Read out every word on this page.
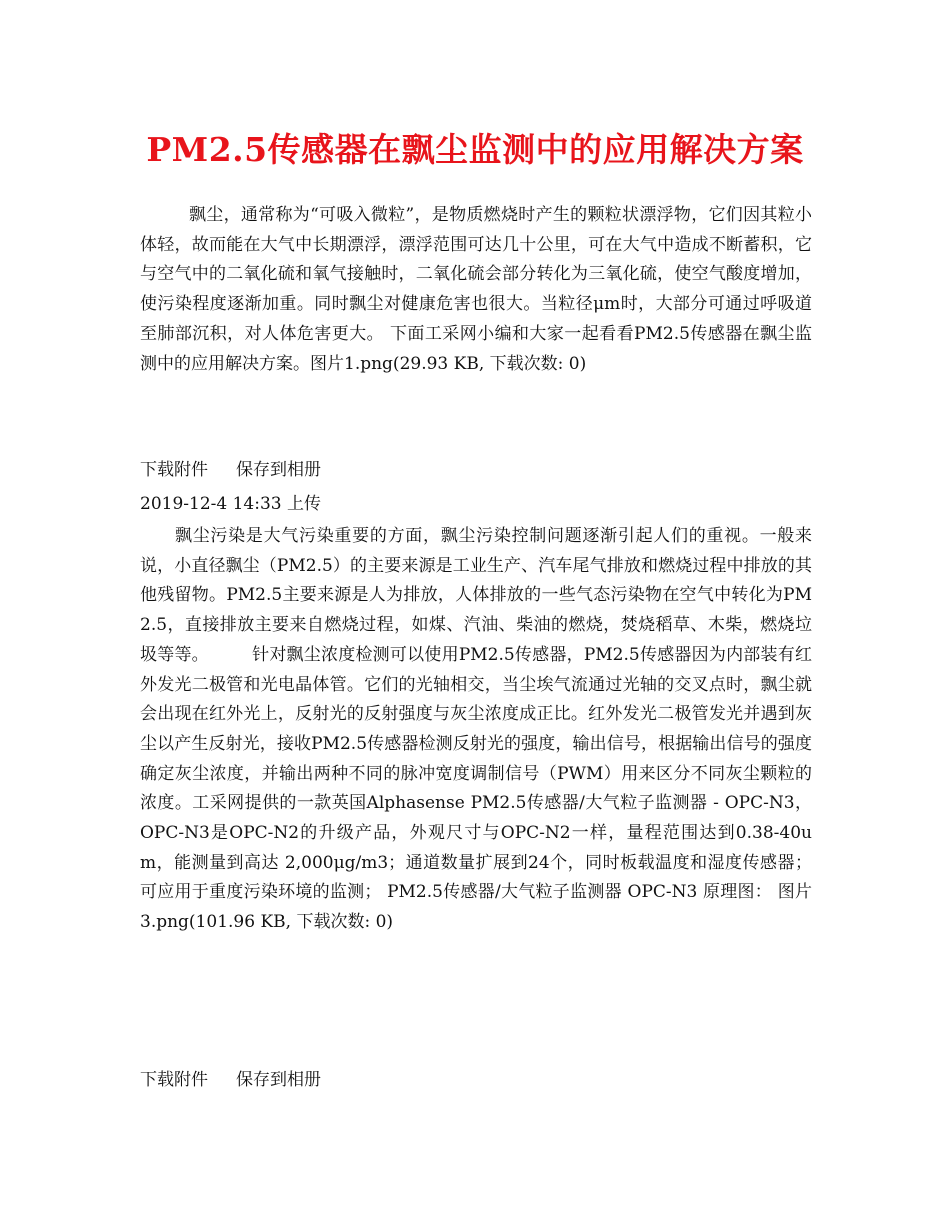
PM2.5传感器在飘尘监测中的应用解决方案

飘尘，通常称为“可吸入微粒”，是物质燃烧时产生的颗粒状漂浮物，它们因其粒小体轻，故而能在大气中长期漂浮，漂浮范围可达几十公里，可在大气中造成不断蓄积，它与空气中的二氧化硫和氧气接触时，二氧化硫会部分转化为三氧化硫，使空气酸度增加，使污染程度逐渐加重。同时飘尘对健康危害也很大。当粒径μm时，大部分可通过呼吸道至肺部沉积，对人体危害更大。 下面工采网小编和大家一起看看PM2.5传感器在飘尘监测中的应用解决方案。图片1.png(29.93 KB, 下载次数: 0)

下载附件 保存到相册
2019-12-4 14:33 上传

飘尘污染是大气污染重要的方面，飘尘污染控制问题逐渐引起人们的重视。一般来说，小直径飘尘（PM2.5）的主要来源是工业生产、汽车尾气排放和燃烧过程中排放的其他残留物。PM2.5主要来源是人为排放，人体排放的一些气态污染物在空气中转化为PM2.5，直接排放主要来自燃烧过程，如煤、汽油、柴油的燃烧，焚烧稻草、木柴，燃烧垃圾等等。　　　针对飘尘浓度检测可以使用PM2.5传感器，PM2.5传感器因为内部装有红外发光二极管和光电晶体管。它们的光轴相交，当尘埃气流通过光轴的交叉点时，飘尘就会出现在红外光上，反射光的反射强度与灰尘浓度成正比。红外发光二极管发光并遇到灰尘以产生反射光，接收PM2.5传感器检测反射光的强度，输出信号，根据输出信号的强度确定灰尘浓度，并输出两种不同的脉冲宽度调制信号（PWM）用来区分不同灰尘颗粒的浓度。工采网提供的一款英国Alphasense PM2.5传感器/大气粒子监测器 - OPC-N3，OPC-N3是OPC-N2的升级产品，外观尺寸与OPC-N2一样，量程范围达到0.38-40um，能测量到高达 2,000μg/m3；通道数量扩展到24个，同时板载温度和湿度传感器；可应用于重度污染环境的监测； PM2.5传感器/大气粒子监测器 OPC-N3 原理图： 图片3.png(101.96 KB, 下载次数: 0)

下载附件 保存到相册
